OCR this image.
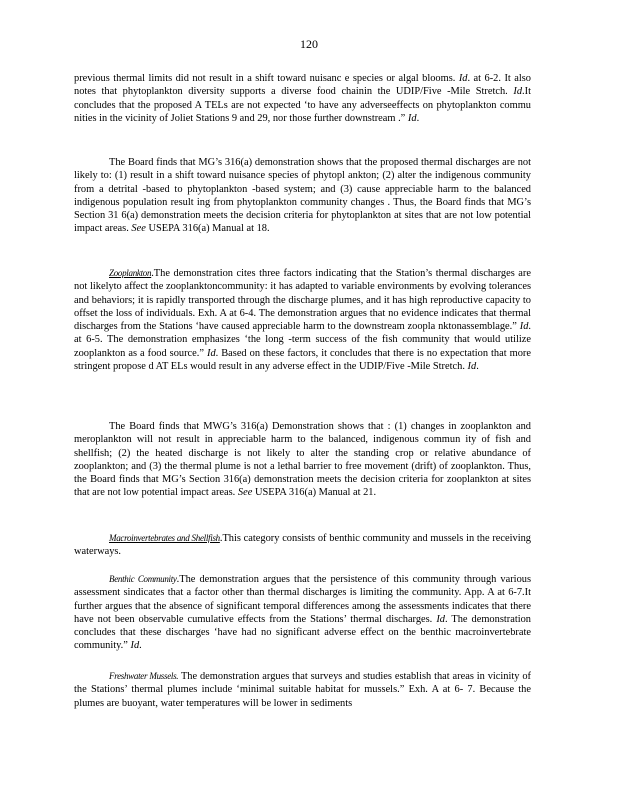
120

previous thermal limits did not result in a shift toward nuisanc e species or algal blooms. Id. at 6-2. It also notes that phytoplankton diversity supports a diverse food chainin the UDIP/Five -Mile Stretch. Id.It concludes that the proposed A TELs are not expected ‘to have any adverseeffects on phytoplankton commu nities in the vicinity of Joliet Stations 9 and 29, nor those further downstream .” Id.

The Board finds that MG’s 316(a) demonstration shows that the proposed thermal discharges are not likely to: (1) result in a shift toward nuisance species of phytopl ankton; (2) alter the indigenous community from a detrital -based to phytoplankton -based system; and (3) cause appreciable harm to the balanced indigenous population result ing from phytoplankton community changes . Thus, the Board finds that MG’s Section 31 6(a) demonstration meets the decision criteria for phytoplankton at sites that are not low potential impact areas. See USEPA 316(a) Manual at 18.

Zooplankton.The demonstration cites three factors indicating that the Station’s thermal discharges are not likelyto affect the zooplanktoncommunity: it has adapted to variable environments by evolving tolerances and behaviors; it is rapidly transported through the discharge plumes, and it has high reproductive capacity to offset the loss of individuals. Exh. A at 6-4. The demonstration argues that no evidence indicates that thermal discharges from the Stations ‘have caused appreciable harm to the downstream zoopla nktonassemblage.” Id. at 6-5. The demonstration emphasizes ‘the long -term success of the fish community that would utilize zooplankton as a food source.” Id. Based on these factors, it concludes that there is no expectation that more stringent propose d AT ELs would result in any adverse effect in the UDIP/Five -Mile Stretch. Id.

The Board finds that MWG’s 316(a) Demonstration shows that : (1) changes in zooplankton and meroplankton will not result in appreciable harm to the balanced, indigenous commun ity of fish and shellfish; (2) the heated discharge is not likely to alter the standing crop or relative abundance of zooplankton; and (3) the thermal plume is not a lethal barrier to free movement (drift) of zooplankton. Thus, the Board finds that MG’s Section 316(a) demonstration meets the decision criteria for zooplankton at sites that are not low potential impact areas. See USEPA 316(a) Manual at 21.

Macroinvertebrates and Shellfish.This category consists of benthic community and mussels in the receiving waterways.

Benthic Community.The demonstration argues that the persistence of this community through various assessment sindicates that a factor other than thermal discharges is limiting the community. App. A at 6-7.It further argues that the absence of significant temporal differences among the assessments indicates that there have not been observable cumulative effects from the Stations’ thermal discharges. Id. The demonstration concludes that these discharges ‘have had no significant adverse effect on the benthic macroinvertebrate community.” Id.

Freshwater Mussels. The demonstration argues that surveys and studies establish that areas in vicinity of the Stations’ thermal plumes include ‘minimal suitable habitat for mussels.” Exh. A at 6- 7. Because the plumes are buoyant, water temperatures will be lower in sediments
